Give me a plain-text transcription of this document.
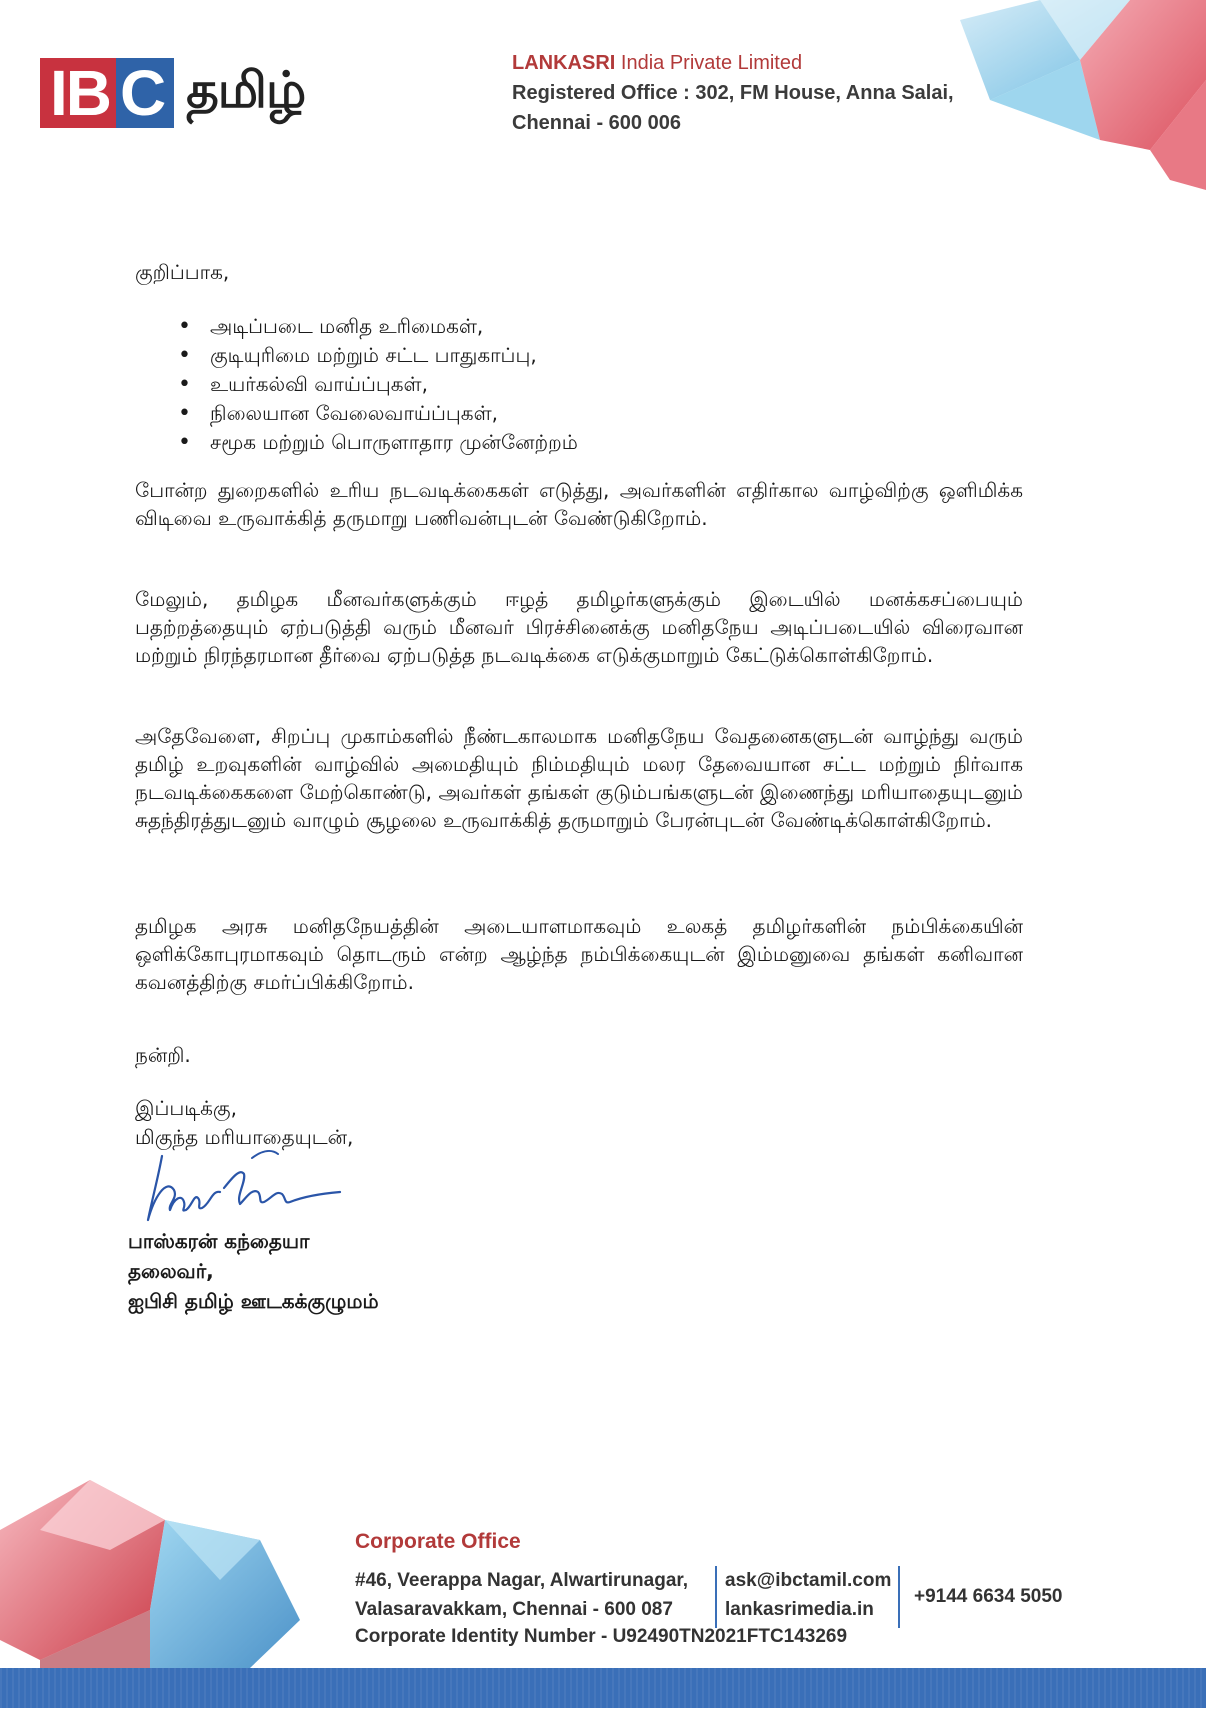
IB C தமிழ்	LANKASRI India Private Limited
Registered Office : 302, FM House, Anna Salai,
Chennai - 600 006
குறிப்பாக,
• அடிப்படை மனித உரிமைகள்,
• குடியுரிமை மற்றும் சட்ட பாதுகாப்பு,
• உயர்கல்வி வாய்ப்புகள்,
• நிலையான வேலைவாய்ப்புகள்,
• சமூக மற்றும் பொருளாதார முன்னேற்றம்
போன்ற துறைகளில் உரிய நடவடிக்கைகள் எடுத்து, அவர்களின் எதிர்கால வாழ்விற்கு ஒளிமிக்க விடிவை உருவாக்கித் தருமாறு பணிவன்புடன் வேண்டுகிறோம்.
மேலும், தமிழக மீனவர்களுக்கும் ஈழத் தமிழர்களுக்கும் இடையில் மனக்கசப்பையும் பதற்றத்தையும் ஏற்படுத்தி வரும் மீனவர் பிரச்சினைக்கு மனிதநேய அடிப்படையில் விரைவான மற்றும் நிரந்தரமான தீர்வை ஏற்படுத்த நடவடிக்கை எடுக்குமாறும் கேட்டுக்கொள்கிறோம்.
அதேவேளை, சிறப்பு முகாம்களில் நீண்டகாலமாக மனிதநேய வேதனைகளுடன் வாழ்ந்து வரும் தமிழ் உறவுகளின் வாழ்வில் அமைதியும் நிம்மதியும் மலர தேவையான சட்ட மற்றும் நிர்வாக நடவடிக்கைகளை மேற்கொண்டு, அவர்கள் தங்கள் குடும்பங்களுடன் இணைந்து மரியாதையுடனும் சுதந்திரத்துடனும் வாழும் சூழலை உருவாக்கித் தருமாறும் பேரன்புடன் வேண்டிக்கொள்கிறோம்.
தமிழக அரசு மனிதநேயத்தின் அடையாளமாகவும் உலகத் தமிழர்களின் நம்பிக்கையின் ஒளிக்கோபுரமாகவும் தொடரும் என்ற ஆழ்ந்த நம்பிக்கையுடன் இம்மனுவை தங்கள் கனிவான கவனத்திற்கு சமர்ப்பிக்கிறோம்.
நன்றி.
இப்படிக்கு,
மிகுந்த மரியாதையுடன்,
பாஸ்கரன் கந்தையா
தலைவர்,
ஐபிசி தமிழ் ஊடகக்குழுமம்
Corporate Office
#46, Veerappa Nagar, Alwartirunagar,
Valasaravakkam, Chennai - 600 087
ask@ibctamil.com
lankasrimedia.in
+9144 6634 5050
Corporate Identity Number - U92490TN2021FTC143269
